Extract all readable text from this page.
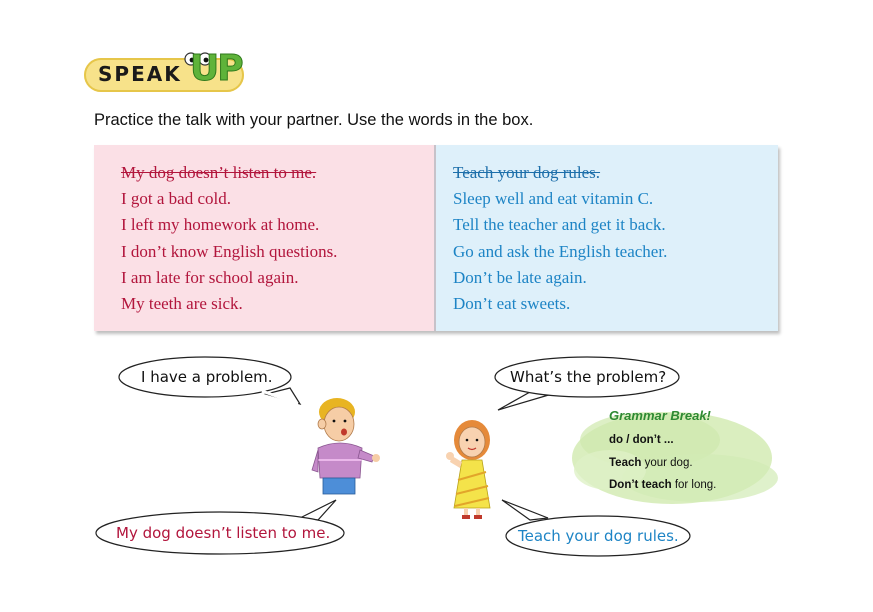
SPEAK UP
Practice the talk with your partner. Use the words in the box.
My dog doesn’t listen to me.
I got a bad cold.
I left my homework at home.
I don’t know English questions.
I am late for school again.
My teeth are sick.
Teach your dog rules.
Sleep well and eat vitamin C.
Tell the teacher and get it back.
Go and ask the English teacher.
Don’t be late again.
Don’t eat sweets.
I have a problem.	What’s the problem?
My dog doesn’t listen to me.	Teach your dog rules.
Grammar Break!
do / don’t ...
Teach your dog.
Don’t teach for long.
